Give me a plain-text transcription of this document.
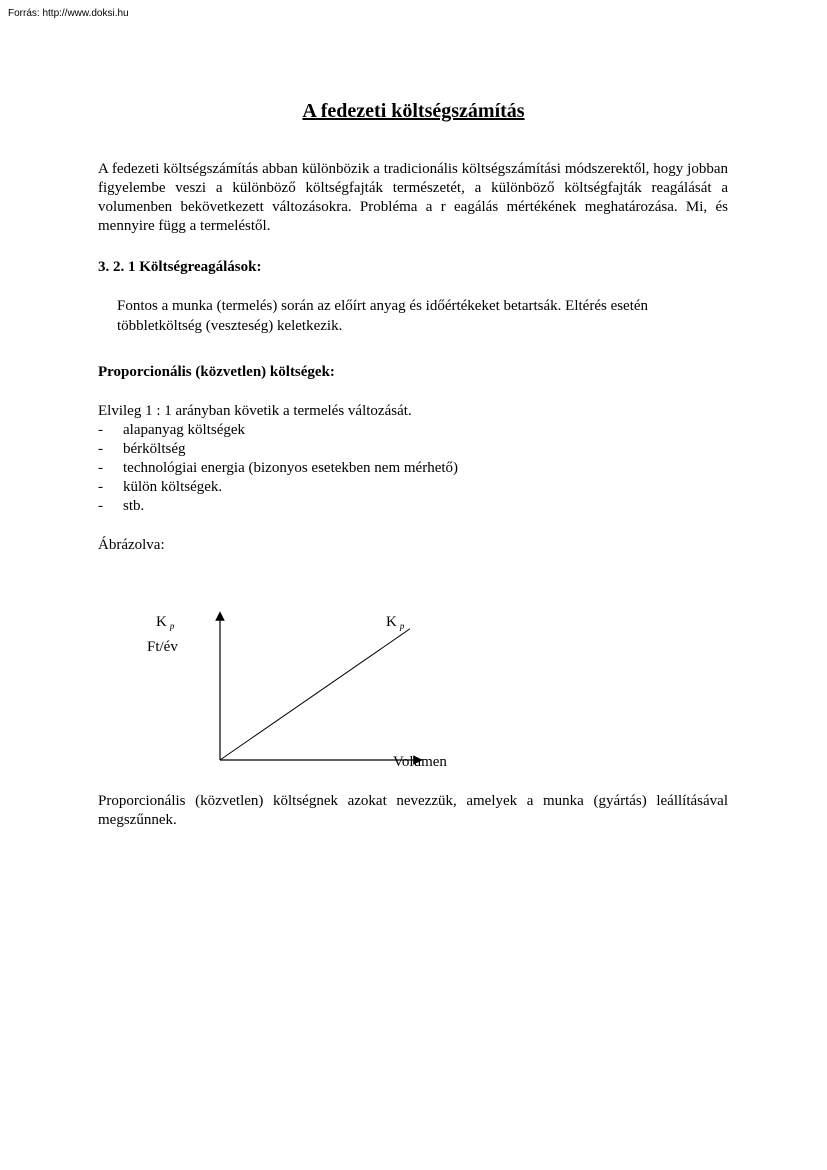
Forrás: http://www.doksi.hu
A fedezeti költségszámítás
A fedezeti költségszámítás abban különbözik a tradicionális költségszámítási módszerektől, hogy jobban figyelembe veszi a különböző költségfajták természetét, a különböző költségfajták reagálását a volumenben bekövetkezett változásokra. Probléma a r eagálás mértékének meghatározása. Mi, és mennyire függ a termeléstől.
3. 2. 1 Költségreagálások:
Fontos a munka (termelés) során az előírt anyag és időértékeket betartsák. Eltérés esetén többletköltség (veszteség) keletkezik.
Proporcionális (közvetlen) költségek:
Elvileg 1 : 1 arányban követik a termelés változását.
- alapanyag költségek
- bérköltség
- technológiai energia (bizonyos esetekben nem mérhető)
- külön költségek.
- stb.
Ábrázolva:
K $_p$
Ft/év
K $_p$
Volumen
Proporcionális (közvetlen) költségnek azokat nevezzük, amelyek a munka (gyártás) leállításával megszűnnek.
